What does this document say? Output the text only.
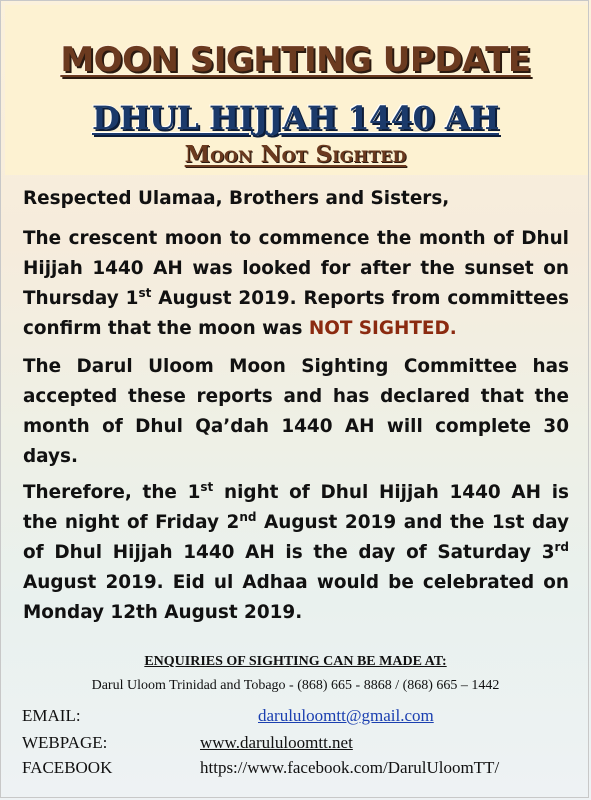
MOON SIGHTING UPDATE
DHUL HIJJAH 1440 AH
Moon Not Sighted

Respected Ulamaa, Brothers and Sisters,

The crescent moon to commence the month of Dhul Hijjah 1440 AH was looked for after the sunset on Thursday 1st August 2019. Reports from committees confirm that the moon was NOT SIGHTED.

The Darul Uloom Moon Sighting Committee has accepted these reports and has declared that the month of Dhul Qa’dah 1440 AH will complete 30 days.

Therefore, the 1st night of Dhul Hijjah 1440 AH is the night of Friday 2nd August 2019 and the 1st day of Dhul Hijjah 1440 AH is the day of Saturday 3rd August 2019. Eid ul Adhaa would be celebrated on Monday 12th August 2019.

ENQUIRIES OF SIGHTING CAN BE MADE AT:
Darul Uloom Trinidad and Tobago - (868) 665 - 8868 / (868) 665 – 1442
EMAIL:	darululoomtt@gmail.com
WEBPAGE:	www.darululoomtt.net
FACEBOOK	https://www.facebook.com/DarulUloomTT/
